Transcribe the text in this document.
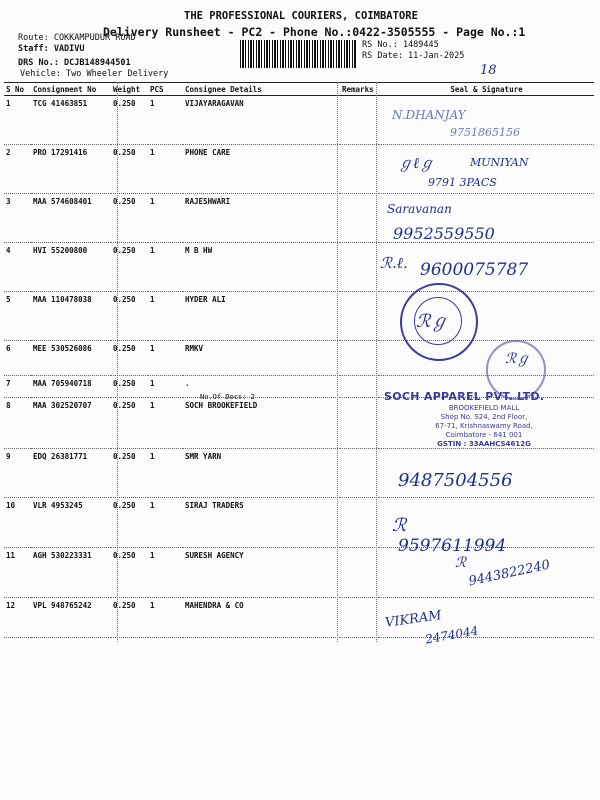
THE PROFESSIONAL COURIERS, COIMBATORE
Delivery Runsheet - PC2 - Phone No.:0422-3505555 - Page No.:1
Route: COKKAMPUDUR ROAD
Staff: VADIVU
DRS No.: DCJB148944501
Vehicle: Two Wheeler Delivery
RS No.: 1489445
RS Date: 11-Jan-2025
18
S No	Consignment No	Weight	PCS	Consignee Details	Remarks	Seal & Signature
1	TCG 41463851	0.250	1	VIJAYARAGAVAN		
2	PRO 17291416	0.250	1	PHONE CARE		
3	MAA 574608401	0.250	1	RAJESHWARI		
4	HVI 55200800	0.250	1	M B HW		
5	MAA 110478038	0.250	1	HYDER ALI		
6	MEE 530526086	0.250	1	RMKV		
7	MAA 705940718	0.250	1	.		
8	MAA 302520707	0.250	1	SOCH BROOKEFIELD		
9	EDQ 26381771	0.250	1	SMR YARN		
10	VLR 4953245	0.250	1	SIRAJ TRADERS		
11	AGH 530223331	0.250	1	SURESH AGENCY		
12	VPL 948765242	0.250	1	MAHENDRA & CO		
No.Of Docs: 2
N.DHANJAY
9751865156
ℊℓℊ	MUNIYAN
9791 3PACS
Saravanan
9952559550
ℛ.ℓ. 9600075787
ℛℊ
ℛℊ
SOCH APPAREL PVT. LTD.
BROOKEFIELD MALL
Shop No. S24, 2nd Floor,
67-71, Krishnaswamy Road,
Coimbatore - 641 001
GSTIN : 33AAHCS4612G
9487504556
ℛ
9597611994
ℛ 9443822240
VIKRAM
2474044
